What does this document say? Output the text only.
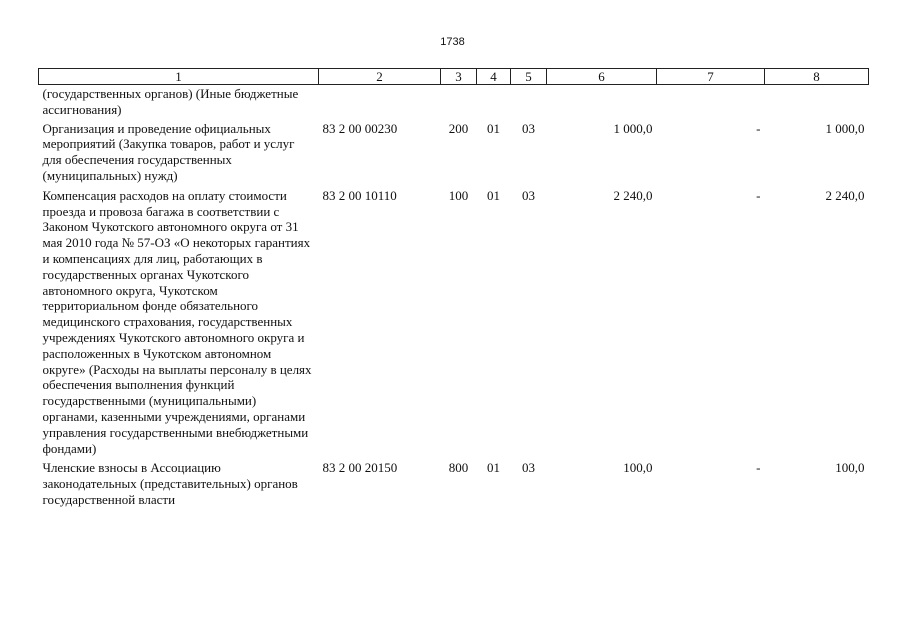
1738
1	2	3	4	5	6	7	8
(государственных органов) (Иные бюджетные ассигнования)							
Организация и проведение официальных мероприятий (Закупка товаров, работ и услуг для обеспечения государственных (муниципальных) нужд)	83 2 00 00230	200	01	03	1 000,0	-	1 000,0
Компенсация расходов на оплату стоимости проезда и провоза багажа в соответствии с Законом Чукотского автономного округа от 31 мая 2010 года № 57-ОЗ «О некоторых гарантиях и компенсациях для лиц, работающих в государственных органах Чукотского автономного округа, Чукотском территориальном фонде обязательного медицинского страхования, государственных учреждениях Чукотского автономного округа и расположенных в Чукотском автономном округе» (Расходы на выплаты персоналу в целях обеспечения выполнения функций государственными (муниципальными) органами, казенными учреждениями, органами управления государственными внебюджетными фондами)	83 2 00 10110	100	01	03	2 240,0	-	2 240,0
Членские взносы в Ассоциацию законодательных (представительных) органов государственной власти	83 2 00 20150	800	01	03	100,0	-	100,0
